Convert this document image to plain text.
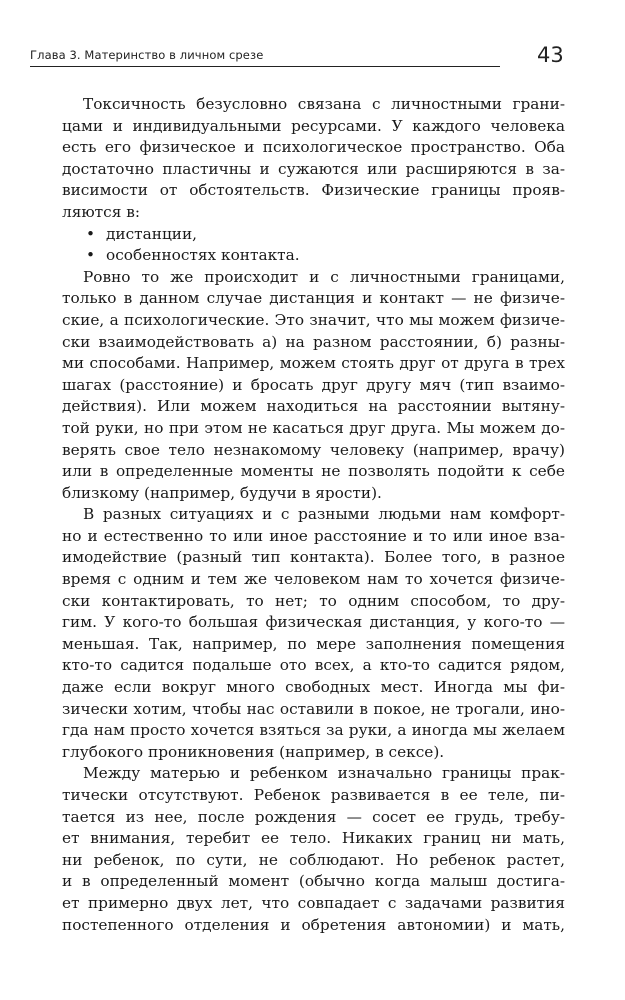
Глава 3. Материнство в личном срезе	43
Токсичность безусловно связана с личностными грани-
цами и индивидуальными ресурсами. У каждого человека
есть его физическое и психологическое пространство. Оба
достаточно пластичны и сужаются или расширяются в за-
висимости от обстоятельств. Физические границы прояв-
ляются в:
• дистанции,
• особенностях контакта.
Ровно то же происходит и с личностными границами,
только в данном случае дистанция и контакт — не физиче-
ские, а психологические. Это значит, что мы можем физиче-
ски взаимодействовать а) на разном расстоянии, б) разны-
ми способами. Например, можем стоять друг от друга в трех
шагах (расстояние) и бросать друг другу мяч (тип взаимо-
действия). Или можем находиться на расстоянии вытяну-
той руки, но при этом не касаться друг друга. Мы можем до-
верять свое тело незнакомому человеку (например, врачу)
или в определенные моменты не позволять подойти к себе
близкому (например, будучи в ярости).
В разных ситуациях и с разными людьми нам комфорт-
но и естественно то или иное расстояние и то или иное вза-
имодействие (разный тип контакта). Более того, в разное
время с одним и тем же человеком нам то хочется физиче-
ски контактировать, то нет; то одним способом, то дру-
гим. У кого-то большая физическая дистанция, у кого-то —
меньшая. Так, например, по мере заполнения помещения
кто-то садится подальше ото всех, а кто-то садится рядом,
даже если вокруг много свободных мест. Иногда мы фи-
зически хотим, чтобы нас оставили в покое, не трогали, ино-
гда нам просто хочется взяться за руки, а иногда мы желаем
глубокого проникновения (например, в сексе).
Между матерью и ребенком изначально границы прак-
тически отсутствуют. Ребенок развивается в ее теле, пи-
тается из нее, после рождения — сосет ее грудь, требу-
ет внимания, теребит ее тело. Никаких границ ни мать,
ни ребенок, по сути, не соблюдают. Но ребенок растет,
и в определенный момент (обычно когда малыш достига-
ет примерно двух лет, что совпадает с задачами развития
постепенного отделения и обретения автономии) и мать,
